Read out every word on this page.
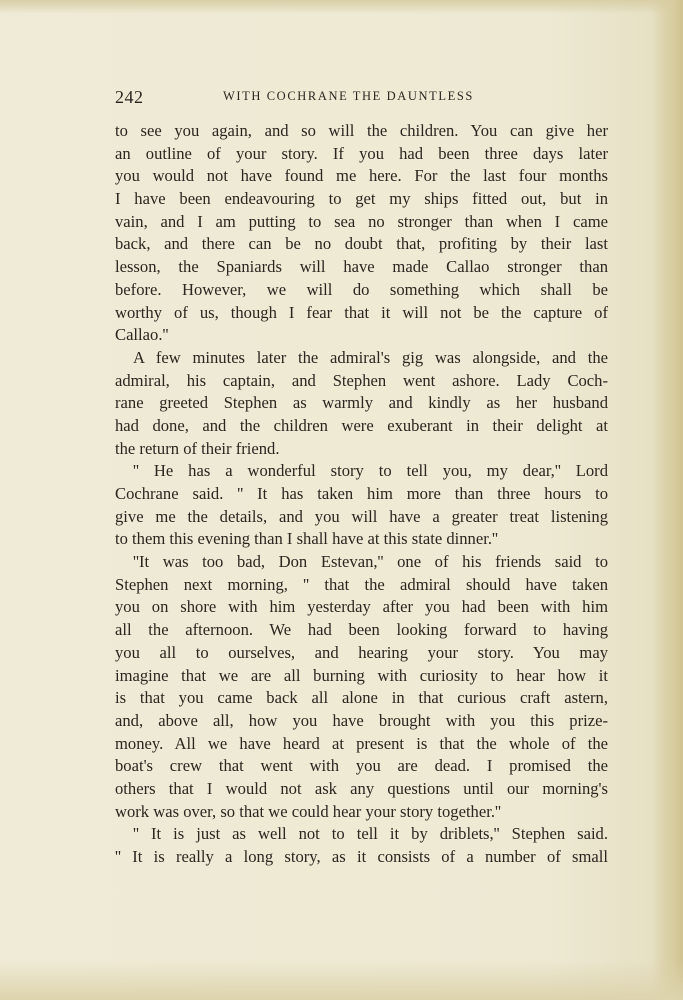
242	WITH COCHRANE THE DAUNTLESS
to see you again, and so will the children. You can give her
an outline of your story. If you had been three days later
you would not have found me here. For the last four months
I have been endeavouring to get my ships fitted out, but in
vain, and I am putting to sea no stronger than when I came
back, and there can be no doubt that, profiting by their last
lesson, the Spaniards will have made Callao stronger than
before. However, we will do something which shall be
worthy of us, though I fear that it will not be the capture of
Callao.''
A few minutes later the admiral's gig was alongside, and the
admiral, his captain, and Stephen went ashore. Lady Coch-
rane greeted Stephen as warmly and kindly as her husband
had done, and the children were exuberant in their delight at
the return of their friend.
'' He has a wonderful story to tell you, my dear,'' Lord
Cochrane said. '' It has taken him more than three hours to
give me the details, and you will have a greater treat listening
to them this evening than I shall have at this state dinner.''
''It was too bad, Don Estevan,'' one of his friends said to
Stephen next morning, '' that the admiral should have taken
you on shore with him yesterday after you had been with him
all the afternoon. We had been looking forward to having
you all to ourselves, and hearing your story. You may
imagine that we are all burning with curiosity to hear how it
is that you came back all alone in that curious craft astern,
and, above all, how you have brought with you this prize-
money. All we have heard at present is that the whole of the
boat's crew that went with you are dead. I promised the
others that I would not ask any questions until our morning's
work was over, so that we could hear your story together.''
'' It is just as well not to tell it by driblets,'' Stephen said.
'' It is really a long story, as it consists of a number of small
